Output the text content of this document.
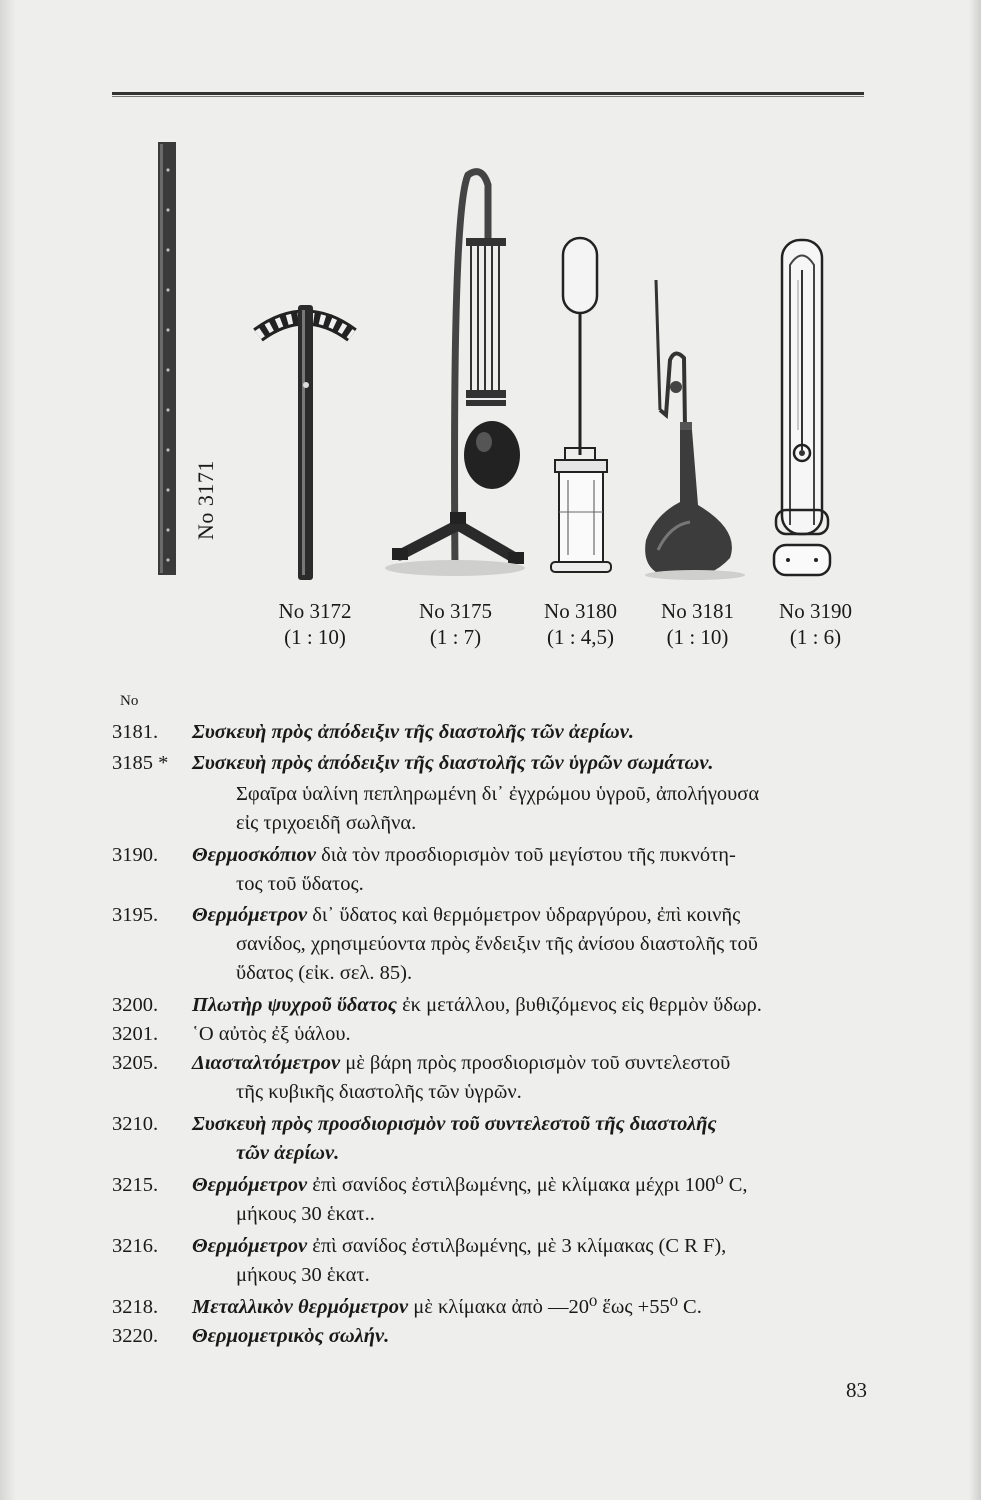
No 3171
No 3172
(1 : 10)
No 3175
(1 : 7)
No 3180
(1 : 4,5)
No 3181
(1 : 10)
No 3190
(1 : 6)
No
3181.	Συσκευὴ πρὸς ἀπόδειξιν τῆς διαστολῆς τῶν ἀερίων.
3185 *	Συσκευὴ πρὸς ἀπόδειξιν τῆς διαστολῆς τῶν ὑγρῶν σωμάτων.
Σφαῖρα ὑαλίνη πεπληρωμένη δι᾽ ἐγχρώμου ὑγροῦ, ἀπολήγουσα
εἰς τριχοειδῆ σωλῆνα.
3190.	Θερμοσκόπιον διὰ τὸν προσδιορισμὸν τοῦ μεγίστου τῆς πυκνότη-
τος τοῦ ὕδατος.
3195.	Θερμόμετρον δι᾽ ὕδατος καὶ θερμόμετρον ὑδραργύρου, ἐπὶ κοινῆς
σανίδος, χρησιμεύοντα πρὸς ἔνδειξιν τῆς ἀνίσου διαστολῆς τοῦ
ὕδατος (εἰκ. σελ. 85).
3200.	Πλωτὴρ ψυχροῦ ὕδατος ἐκ μετάλλου, βυθιζόμενος εἰς θερμὸν ὕδωρ.
3201.	῾Ο αὐτὸς ἐξ ὑάλου.
3205.	Διασταλτόμετρον μὲ βάρη πρὸς προσδιορισμὸν τοῦ συντελεστοῦ
τῆς κυβικῆς διαστολῆς τῶν ὑγρῶν.
3210.	Συσκευὴ πρὸς προσδιορισμὸν τοῦ συντελεστοῦ τῆς διαστολῆς
τῶν ἀερίων.
3215.	Θερμόμετρον ἐπὶ σανίδος ἐστιλβωμένης, μὲ κλίμακα μέχρι 100⁰ C,
μήκους 30 ἑκατ..
3216.	Θερμόμετρον ἐπὶ σανίδος ἐστιλβωμένης, μὲ 3 κλίμακας (C R F),
μήκους 30 ἑκατ.
3218.	Μεταλλικὸν θερμόμετρον μὲ κλίμακα ἀπὸ —20⁰ ἕως +55⁰ C.
3220.	Θερμομετρικὸς σωλήν.
83
